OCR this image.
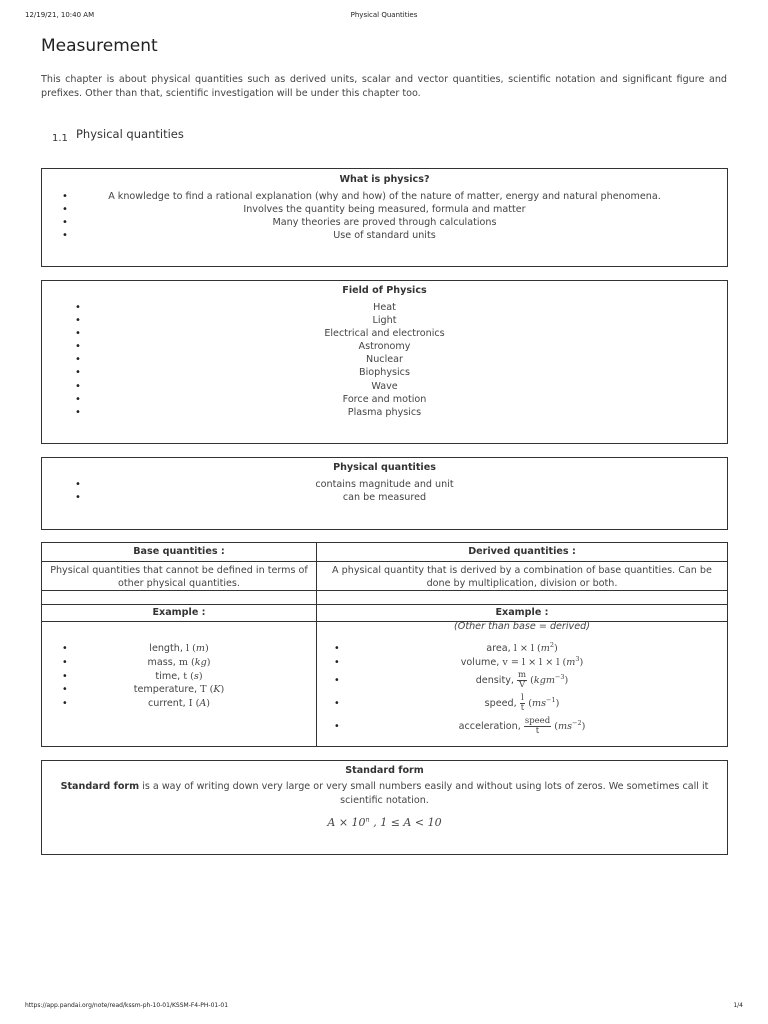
12/19/21, 10:40 AM	Physical Quantities
Measurement

This chapter is about physical quantities such as derived units, scalar and vector quantities, scientific notation and significant figure and prefixes. Other than that, scientific investigation will be under this chapter too.

1.1 Physical quantities
What is physics?
• A knowledge to find a rational explanation (why and how) of the nature of matter, energy and natural phenomena.
• Involves the quantity being measured, formula and matter
• Many theories are proved through calculations
• Use of standard units
Field of Physics
• Heat
• Light
• Electrical and electronics
• Astronomy
• Nuclear
• Biophysics
• Wave
• Force and motion
• Plasma physics
Physical quantities
• contains magnitude and unit
• can be measured
Base quantities :
Physical quantities that cannot be defined in terms of other physical quantities.
Example :
• length, l (m)
• mass, m (kg)
• time, t (s)
• temperature, T (K)
• current, I (A)
Derived quantities :
A physical quantity that is derived by a combination of base quantities. Can be done by multiplication, division or both.
Example :
(Other than base = derived)
• area, l × l $(m^2)$
• volume, v = l × l × l $(m^3)$
• density, $\frac{m}{V} (kgm^{-3})$
• speed, $\frac{l}{t} (ms^{-1})$
• acceleration, $\frac{\text{speed}}{t} (ms^{-2})$
Standard form

Standard form is a way of writing down very large or very small numbers easily and without using lots of zeros. We sometimes call it scientific notation.

$A \times 10^n$ , 1 ≤ A < 10
https://app.pandai.org/note/read/kssm-ph-10-01/KSSM-F4-PH-01-01	1/4
